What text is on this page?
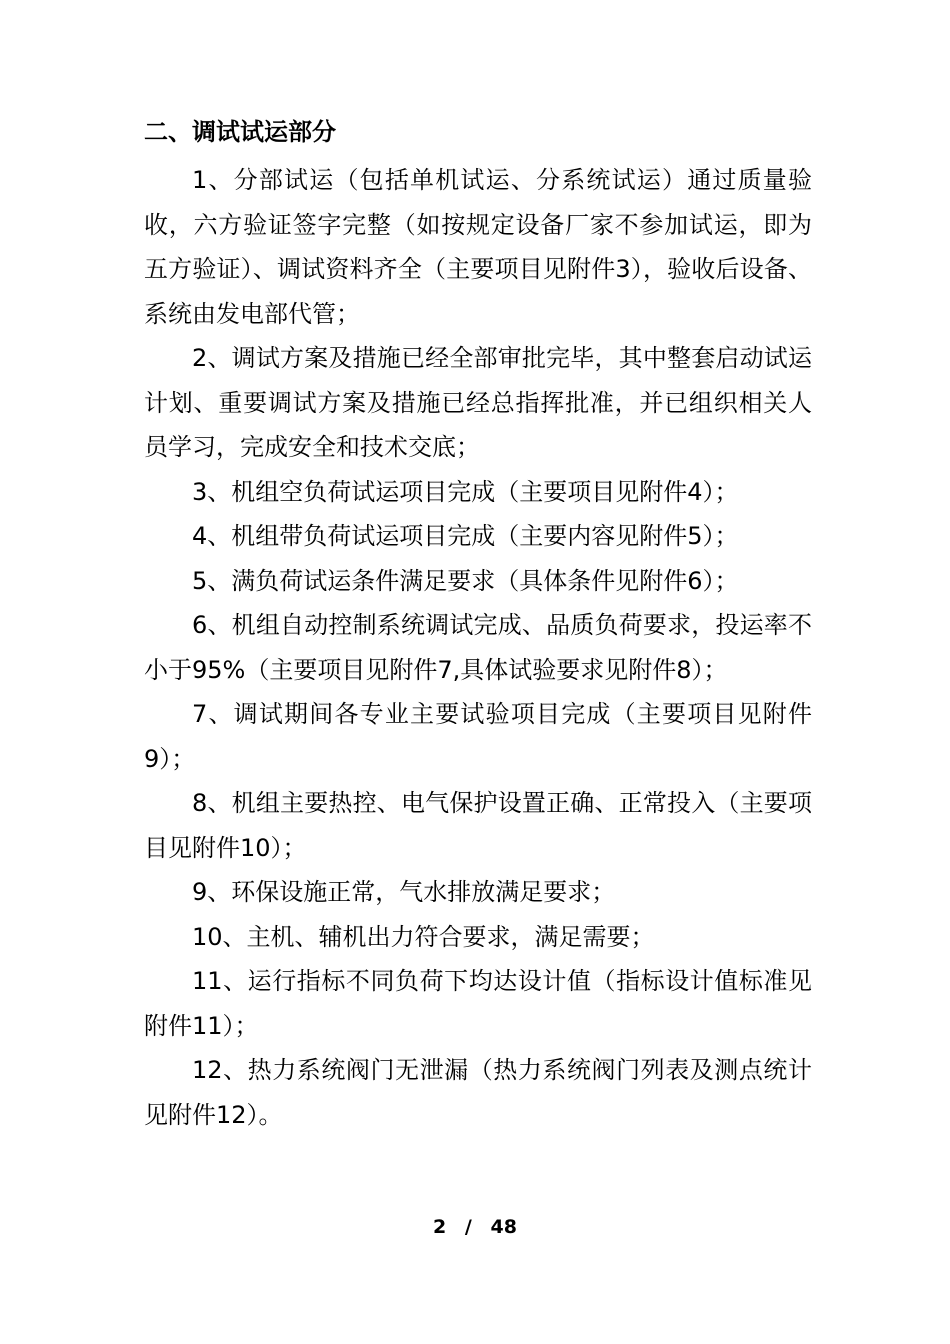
二、调试试运部分

1、分部试运（包括单机试运、分系统试运）通过质量验收，六方验证签字完整（如按规定设备厂家不参加试运，即为五方验证）、调试资料齐全（主要项目见附件3），验收后设备、系统由发电部代管；

2、调试方案及措施已经全部审批完毕，其中整套启动试运计划、重要调试方案及措施已经总指挥批准，并已组织相关人员学习，完成安全和技术交底；

3、机组空负荷试运项目完成（主要项目见附件4）；

4、机组带负荷试运项目完成（主要内容见附件5）；

5、满负荷试运条件满足要求（具体条件见附件6）；

6、机组自动控制系统调试完成、品质负荷要求，投运率不小于95%（主要项目见附件7,具体试验要求见附件8）；

7、调试期间各专业主要试验项目完成（主要项目见附件9）；

8、机组主要热控、电气保护设置正确、正常投入（主要项目见附件10）；

9、环保设施正常，气水排放满足要求；

10、主机、辅机出力符合要求，满足需要；

11、运行指标不同负荷下均达设计值（指标设计值标准见附件11）；

12、热力系统阀门无泄漏（热力系统阀门列表及测点统计见附件12）。

2 / 48
